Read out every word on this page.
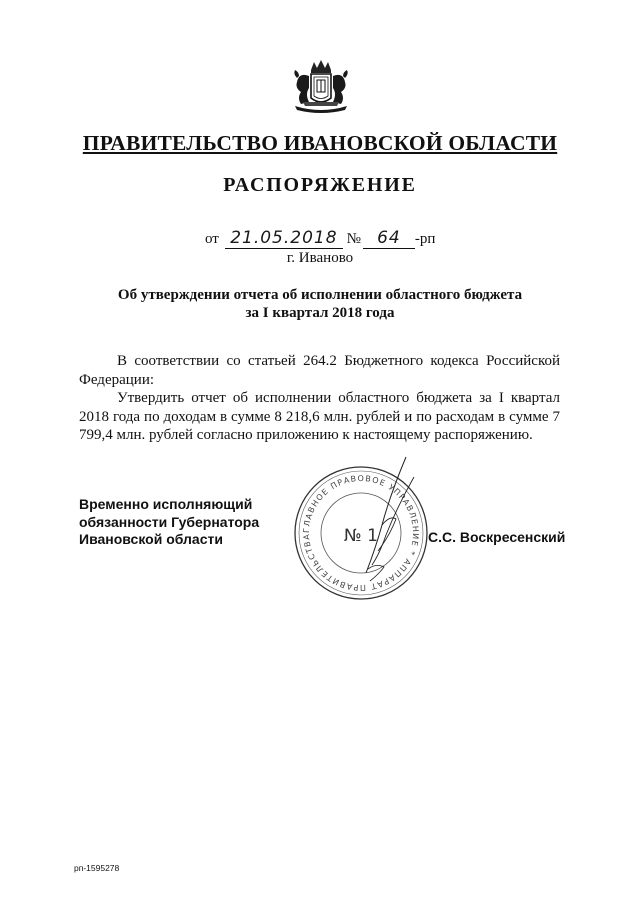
ПРАВИТЕЛЬСТВО ИВАНОВСКОЙ ОБЛАСТИ
РАСПОРЯЖЕНИЕ
от 21.05.2018 № 64 -рп
г. Иваново
Об утверждении отчета об исполнении областного бюджета
за I квартал 2018 года

В соответствии со статьей 264.2 Бюджетного кодекса Российской Федерации:

Утвердить отчет об исполнении областного бюджета за I квартал 2018 года по доходам в сумме 8 218,6 млн. рублей и по расходам в сумме 7 799,4 млн. рублей согласно приложению к настоящему распоряжению.

Временно исполняющий
обязанности Губернатора
Ивановской области
ГЛАВНОЕ ПРАВОВОЕ УПРАВЛЕНИЕ * АППАРАТ ПРАВИТЕЛЬСТВА	№ 1	С.С. Воскресенский
рп-1595278
